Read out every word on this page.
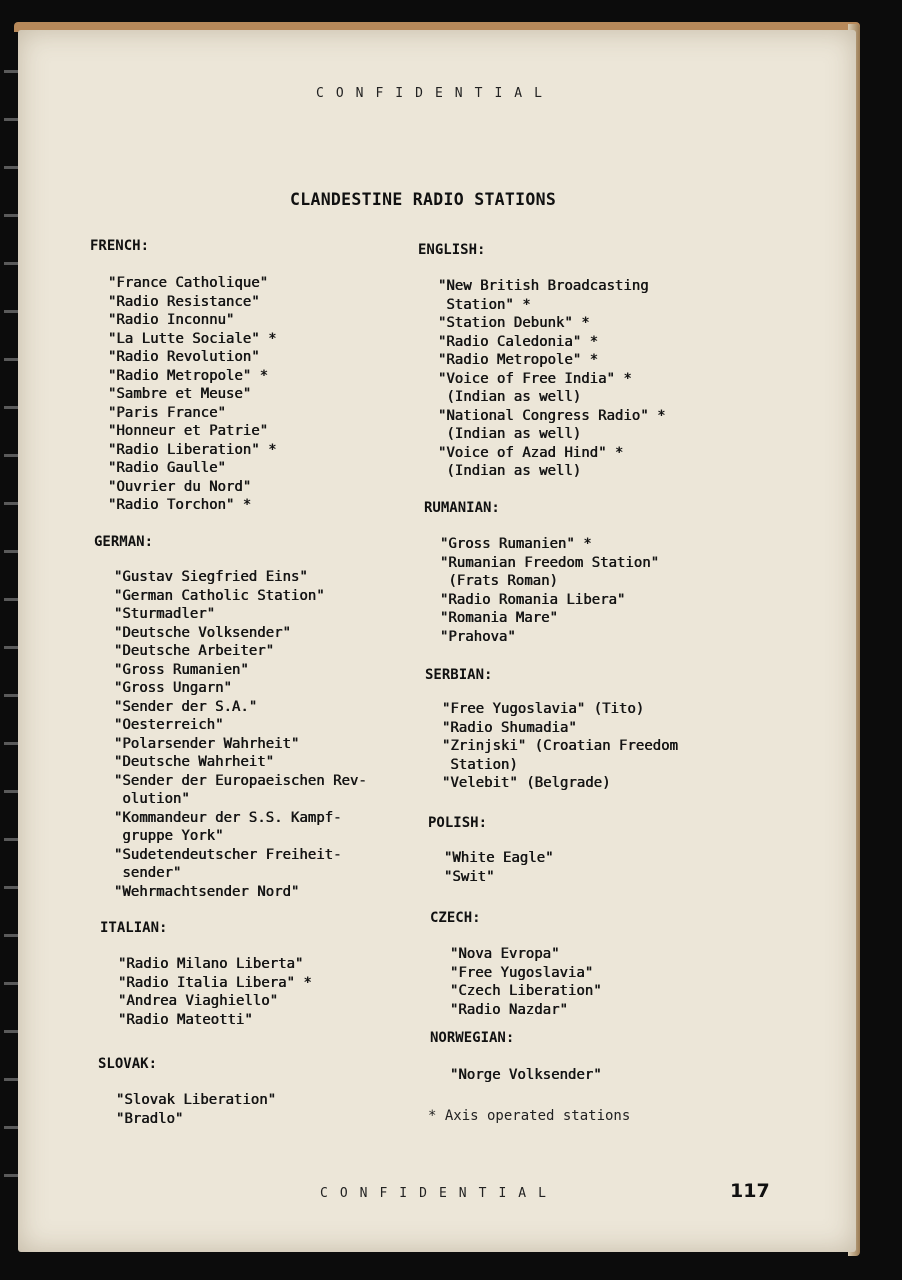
CONFIDENTIAL
CLANDESTINE RADIO STATIONS
FRENCH:
"France Catholique"
"Radio Resistance"
"Radio Inconnu"
"La Lutte Sociale" *
"Radio Revolution"
"Radio Metropole" *
"Sambre et Meuse"
"Paris France"
"Honneur et Patrie"
"Radio Liberation" *
"Radio Gaulle"
"Ouvrier du Nord"
"Radio Torchon" *
GERMAN:
"Gustav Siegfried Eins"
"German Catholic Station"
"Sturmadler"
"Deutsche Volksender"
"Deutsche Arbeiter"
"Gross Rumanien"
"Gross Ungarn"
"Sender der S.A."
"Oesterreich"
"Polarsender Wahrheit"
"Deutsche Wahrheit"
"Sender der Europaeischen Rev-
olution"
"Kommandeur der S.S. Kampf-
gruppe York"
"Sudetendeutscher Freiheit-
sender"
"Wehrmachtsender Nord"
ITALIAN:
"Radio Milano Liberta"
"Radio Italia Libera" *
"Andrea Viaghiello"
"Radio Mateotti"
SLOVAK:
"Slovak Liberation"
"Bradlo"
ENGLISH:
"New British Broadcasting
Station" *
"Station Debunk" *
"Radio Caledonia" *
"Radio Metropole" *
"Voice of Free India" *
(Indian as well)
"National Congress Radio" *
(Indian as well)
"Voice of Azad Hind" *
(Indian as well)
RUMANIAN:
"Gross Rumanien" *
"Rumanian Freedom Station"
(Frats Roman)
"Radio Romania Libera"
"Romania Mare"
"Prahova"
SERBIAN:
"Free Yugoslavia" (Tito)
"Radio Shumadia"
"Zrinjski" (Croatian Freedom
Station)
"Velebit" (Belgrade)
POLISH:
"White Eagle"
"Swit"
CZECH:
"Nova Evropa"
"Free Yugoslavia"
"Czech Liberation"
"Radio Nazdar"
NORWEGIAN:
"Norge Volksender"
* Axis operated stations
CONFIDENTIAL	117
